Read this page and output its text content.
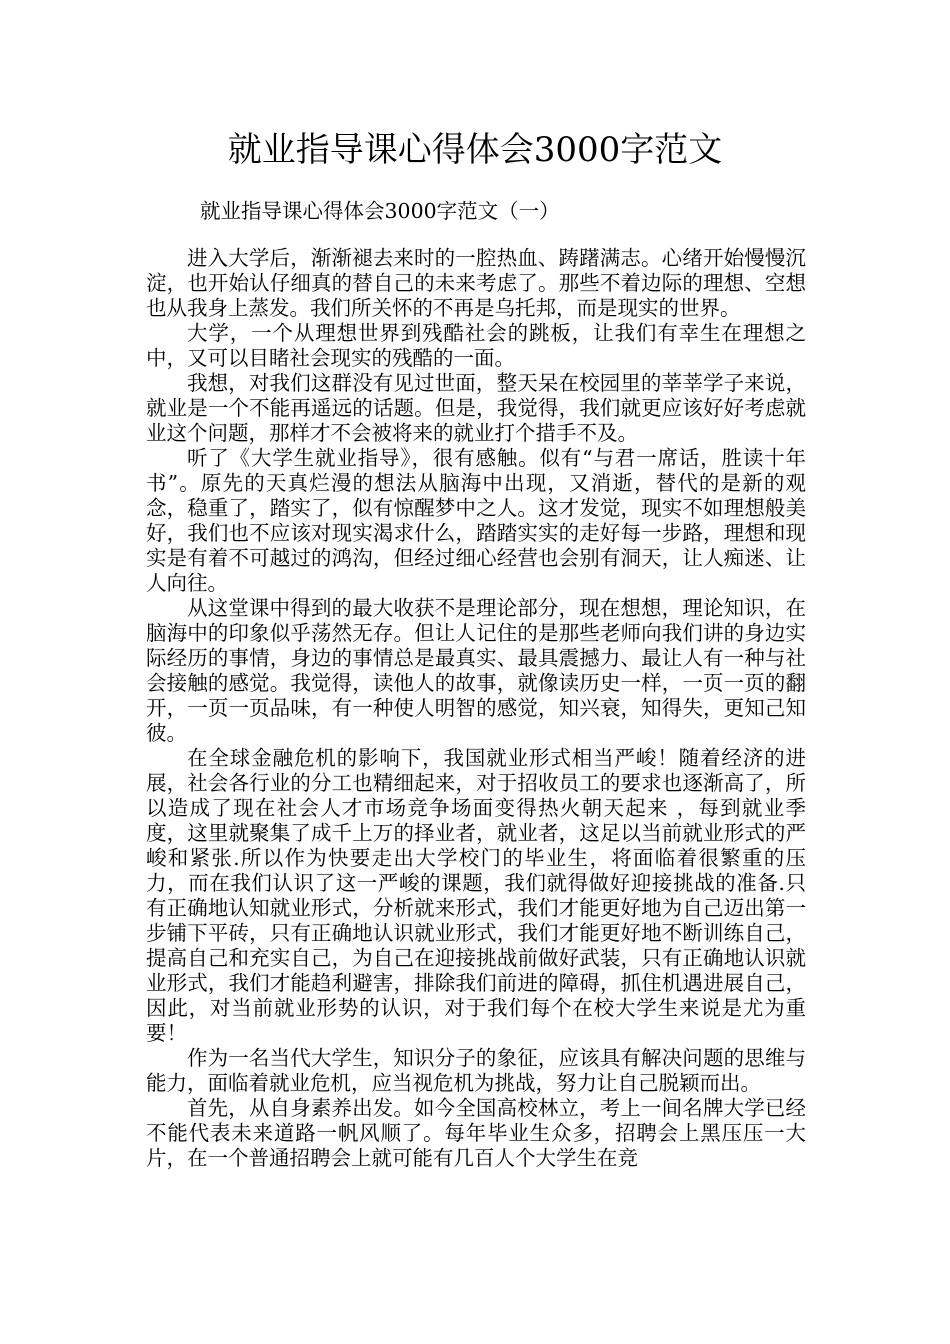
就业指导课心得体会3000字范文
就业指导课心得体会3000字范文（一）

进入大学后，渐渐褪去来时的一腔热血、踌躇满志。心绪开始慢慢沉淀，也开始认仔细真的替自己的未来考虑了。那些不着边际的理想、空想也从我身上蒸发。我们所关怀的不再是乌托邦，而是现实的世界。

大学，一个从理想世界到残酷社会的跳板，让我们有幸生在理想之中，又可以目睹社会现实的残酷的一面。

我想，对我们这群没有见过世面，整天呆在校园里的莘莘学子来说，就业是一个不能再遥远的话题。但是，我觉得，我们就更应该好好考虑就业这个问题，那样才不会被将来的就业打个措手不及。

听了《大学生就业指导》，很有感触。似有“与君一席话，胜读十年书”。原先的天真烂漫的想法从脑海中出现，又消逝，替代的是新的观念，稳重了，踏实了，似有惊醒梦中之人。这才发觉，现实不如理想般美好，我们也不应该对现实渴求什么，踏踏实实的走好每一步路，理想和现实是有着不可越过的鸿沟，但经过细心经营也会别有洞天，让人痴迷、让人向往。

从这堂课中得到的最大收获不是理论部分，现在想想，理论知识，在脑海中的印象似乎荡然无存。但让人记住的是那些老师向我们讲的身边实际经历的事情，身边的事情总是最真实、最具震撼力、最让人有一种与社会接触的感觉。我觉得，读他人的故事，就像读历史一样，一页一页的翻开，一页一页品味，有一种使人明智的感觉，知兴衰，知得失，更知己知彼。

在全球金融危机的影响下，我国就业形式相当严峻！随着经济的进展，社会各行业的分工也精细起来，对于招收员工的要求也逐渐高了，所以造成了现在社会人才市场竞争场面变得热火朝天起来 ，每到就业季度，这里就聚集了成千上万的择业者，就业者，这足以当前就业形式的严峻和紧张.所以作为快要走出大学校门的毕业生，将面临着很繁重的压力，而在我们认识了这一严峻的课题，我们就得做好迎接挑战的准备.只有正确地认知就业形式，分析就来形式，我们才能更好地为自己迈出第一步铺下平砖，只有正确地认识就业形式，我们才能更好地不断训练自己，提高自己和充实自己，为自己在迎接挑战前做好武装，只有正确地认识就业形式，我们才能趋利避害，排除我们前进的障碍，抓住机遇进展自己，因此，对当前就业形势的认识，对于我们每个在校大学生来说是尤为重要！

作为一名当代大学生，知识分子的象征，应该具有解决问题的思维与能力，面临着就业危机，应当视危机为挑战，努力让自己脱颖而出。

首先，从自身素养出发。如今全国高校林立，考上一间名牌大学已经不能代表未来道路一帆风顺了。每年毕业生众多，招聘会上黑压压一大片，在一个普通招聘会上就可能有几百人个大学生在竞
